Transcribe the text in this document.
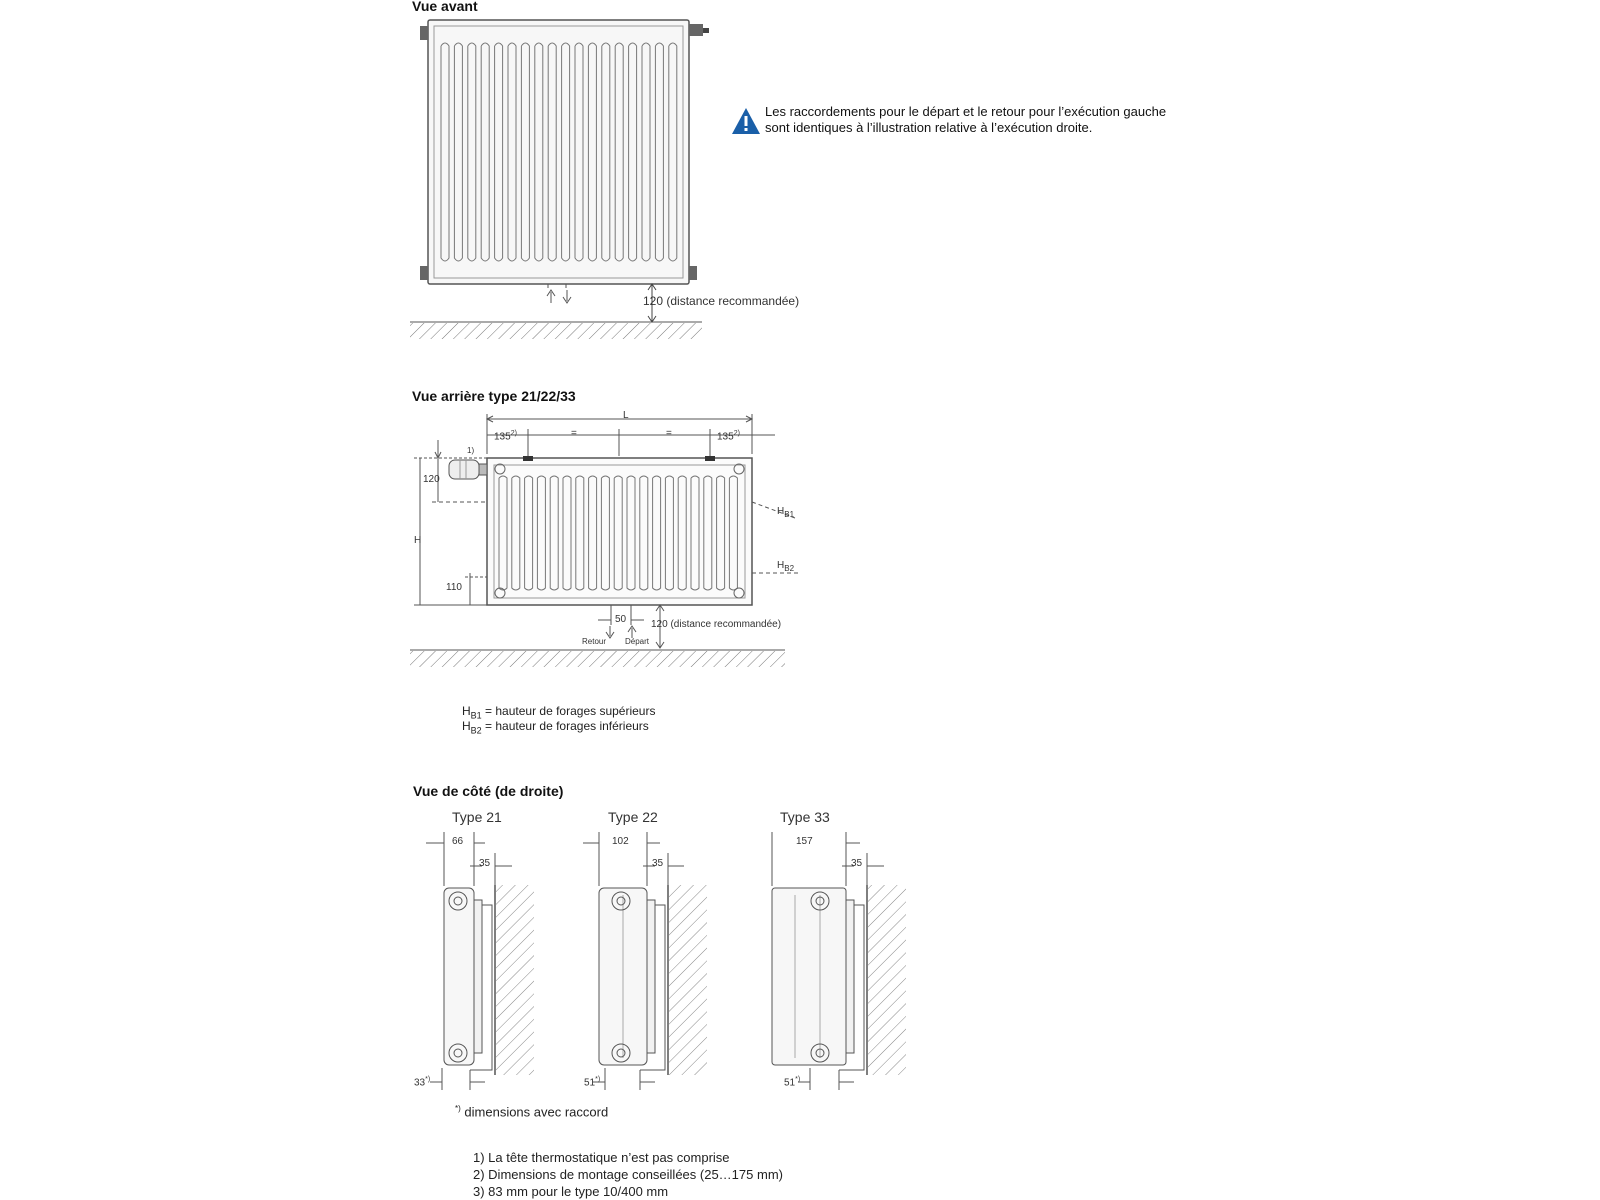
Vue avant
Les raccordements pour le départ et le retour pour l’exécution gauche
sont identiques à l’illustration relative à l’exécution droite.
120 (distance recommandée)
Vue arrière type 21/22/33
L
$135^{2)}$	=	=	$135^{2)}$
1)
120
H
110
$H_{B1}$
$H_{B2}$
50 120 (distance recommandée)
Retour Départ
$H_{B1}$ = hauteur de forages supérieurs
$H_{B2}$ = hauteur de forages inférieurs
Vue de côté (de droite)
Type 21
66
35
33*)
Type 22
102
35
51*)
Type 33
157
35
51*)
*) dimensions avec raccord
1) La tête thermostatique n’est pas comprise
2) Dimensions de montage conseillées (25…175 mm)
3) 83 mm pour le type 10/400 mm
